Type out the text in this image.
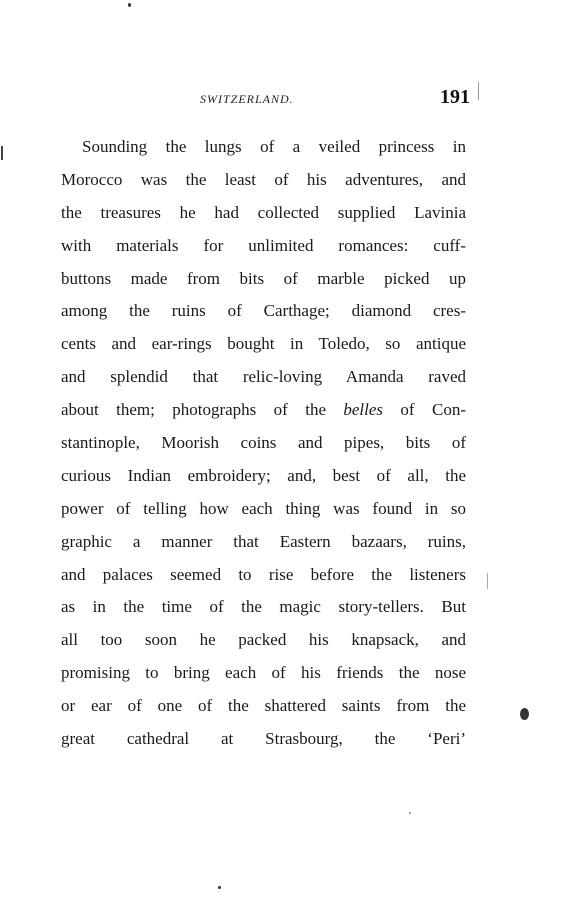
SWITZERLAND.	191
Sounding the lungs of a veiled princess in
Morocco was the least of his adventures, and
the treasures he had collected supplied Lavinia
with materials for unlimited romances: cuff-
buttons made from bits of marble picked up
among the ruins of Carthage; diamond cres-
cents and ear-rings bought in Toledo, so antique
and splendid that relic-loving Amanda raved
about them; photographs of the belles of Con-
stantinople, Moorish coins and pipes, bits of
curious Indian embroidery; and, best of all, the
power of telling how each thing was found in so
graphic a manner that Eastern bazaars, ruins,
and palaces seemed to rise before the listeners
as in the time of the magic story-tellers. But
all too soon he packed his knapsack, and
promising to bring each of his friends the nose
or ear of one of the shattered saints from the
great cathedral at Strasbourg, the ‘Peri’
